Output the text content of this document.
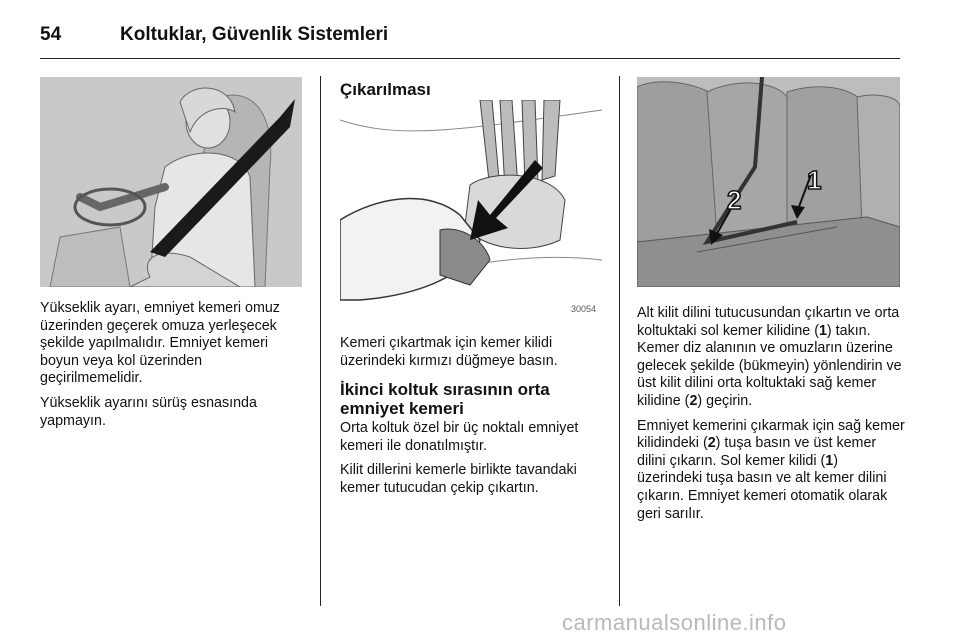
54	Koltuklar, Güvenlik Sistemleri

Yükseklik ayarı, emniyet kemeri omuz üzerinden geçerek omuza yerleşecek şekilde yapılmalıdır. Emniyet kemeri boyun veya kol üzerinden geçirilmemelidir.

Yükseklik ayarını sürüş esnasında yapmayın.

Çıkarılması
30054

Kemeri çıkartmak için kemer kilidi üzerindeki kırmızı düğmeye basın.

İkinci koltuk sırasının orta emniyet kemeri

Orta koltuk özel bir üç noktalı emniyet kemeri ile donatılmıştır.

Kilit dillerini kemerle birlikte tavandaki kemer tutucudan çekip çıkartın.

1
2

Alt kilit dilini tutucusundan çıkartın ve orta koltuktaki sol kemer kilidine (1) takın. Kemer diz alanının ve omuzların üzerine gelecek şekilde (bükmeyin) yönlendirin ve üst kilit dilini orta koltuktaki sağ kemer kilidine (2) geçirin.

Emniyet kemerini çıkarmak için sağ kemer kilidindeki (2) tuşa basın ve üst kemer dilini çıkarın. Sol kemer kilidi (1) üzerindeki tuşa basın ve alt kemer dilini çıkarın. Emniyet kemeri otomatik olarak geri sarılır.

carmanualsonline.info
